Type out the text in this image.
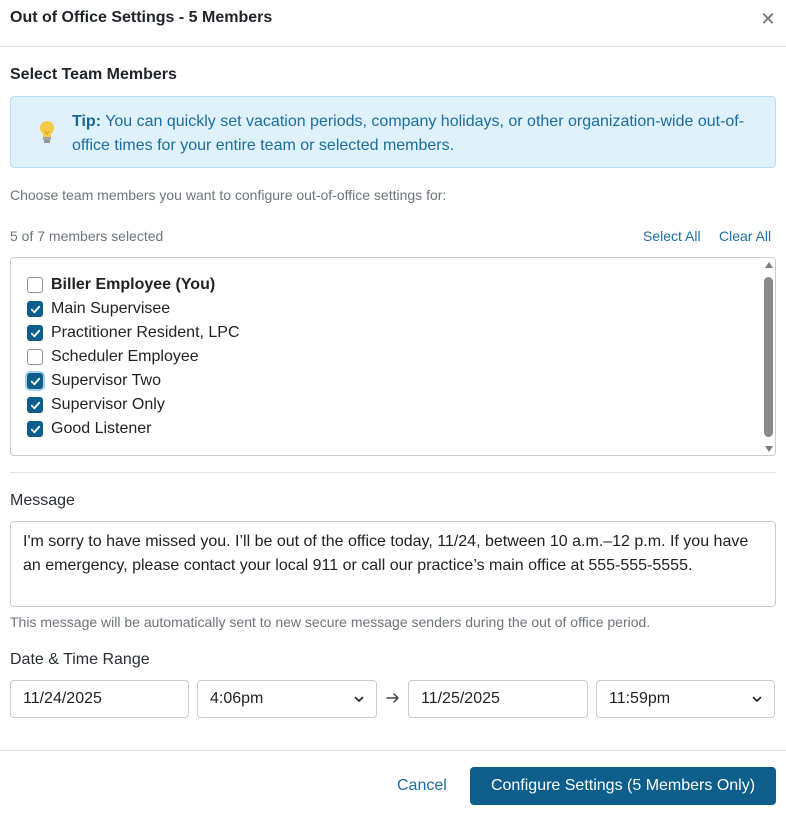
Out of Office Settings - 5 Members	✕
Select Team Members
Tip: You can quickly set vacation periods, company holidays, or other organization-wide out-of-office times for your entire team or selected members.
Choose team members you want to configure out-of-office settings for:
5 of 7 members selected	Select All Clear All
Biller Employee (You)
Main Supervisee
Practitioner Resident, LPC
Scheduler Employee
Supervisor Two
Supervisor Only
Good Listener
Message
I'm sorry to have missed you. I’ll be out of the office today, 11/24, between 10 a.m.–12 p.m. If you have an emergency, please contact your local 911 or call our practice’s main office at 555-555-5555.
This message will be automatically sent to new secure message senders during the out of office period.
Date & Time Range
11/24/2025	4:06pm	11/25/2025	11:59pm
Cancel	Configure Settings (5 Members Only)
